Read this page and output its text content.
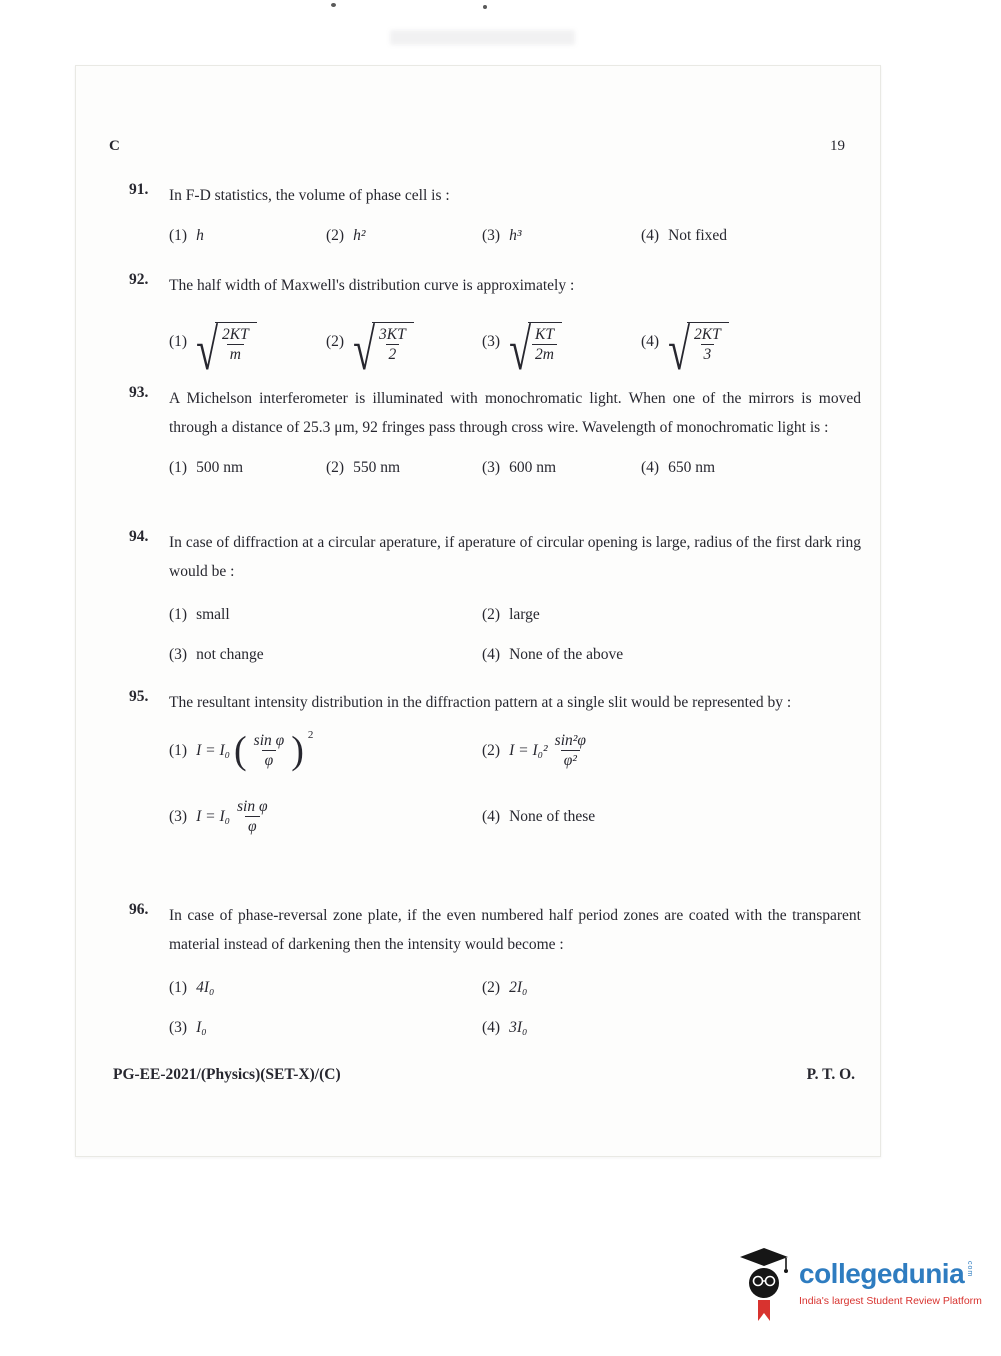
C	19
91.	In F-D statistics, the volume of phase cell is :
(1) h	(2) h²	(3) h³	(4) Not fixed
92.	The half width of Maxwell's distribution curve is approximately :
(1) √ $\frac{2KT}{m}$	(2) √ $\frac{3KT}{2}$	(3) √ $\frac{KT}{2m}$	(4) √ $\frac{2KT}{3}$
93.	A Michelson interferometer is illuminated with monochromatic light. When one of the mirrors is moved through a distance of 25.3 μm, 92 fringes pass through cross wire. Wavelength of monochromatic light is :
(1) 500 nm	(2) 550 nm	(3) 600 nm	(4) 650 nm
94.	In case of diffraction at a circular aperature, if aperature of circular opening is large, radius of the first dark ring would be :
(1) small	(2) large
(3) not change	(4) None of the above
95.	The resultant intensity distribution in the diffraction pattern at a single slit would be represented by :
(1) I = I₀ ( $\frac{\text{sin φ}}{\varphi}$ ) $^2$
(2) $I = I_0^2 \frac{\text{sin²φ}}{\text{φ²}}$
(3) $I = I_0 \frac{\text{sin φ}}{\varphi}$	(4) None of these
96.	In case of phase-reversal zone plate, if the even numbered half period zones are coated with the transparent material instead of darkening then the intensity would become :
(1) 4I₀	(2) 2I₀
(3) I₀	(4) 3I₀
PG-EE-2021/(Physics)(SET-X)/(C)	P. T. O.
collegedunia com
India's largest Student Review Platform
